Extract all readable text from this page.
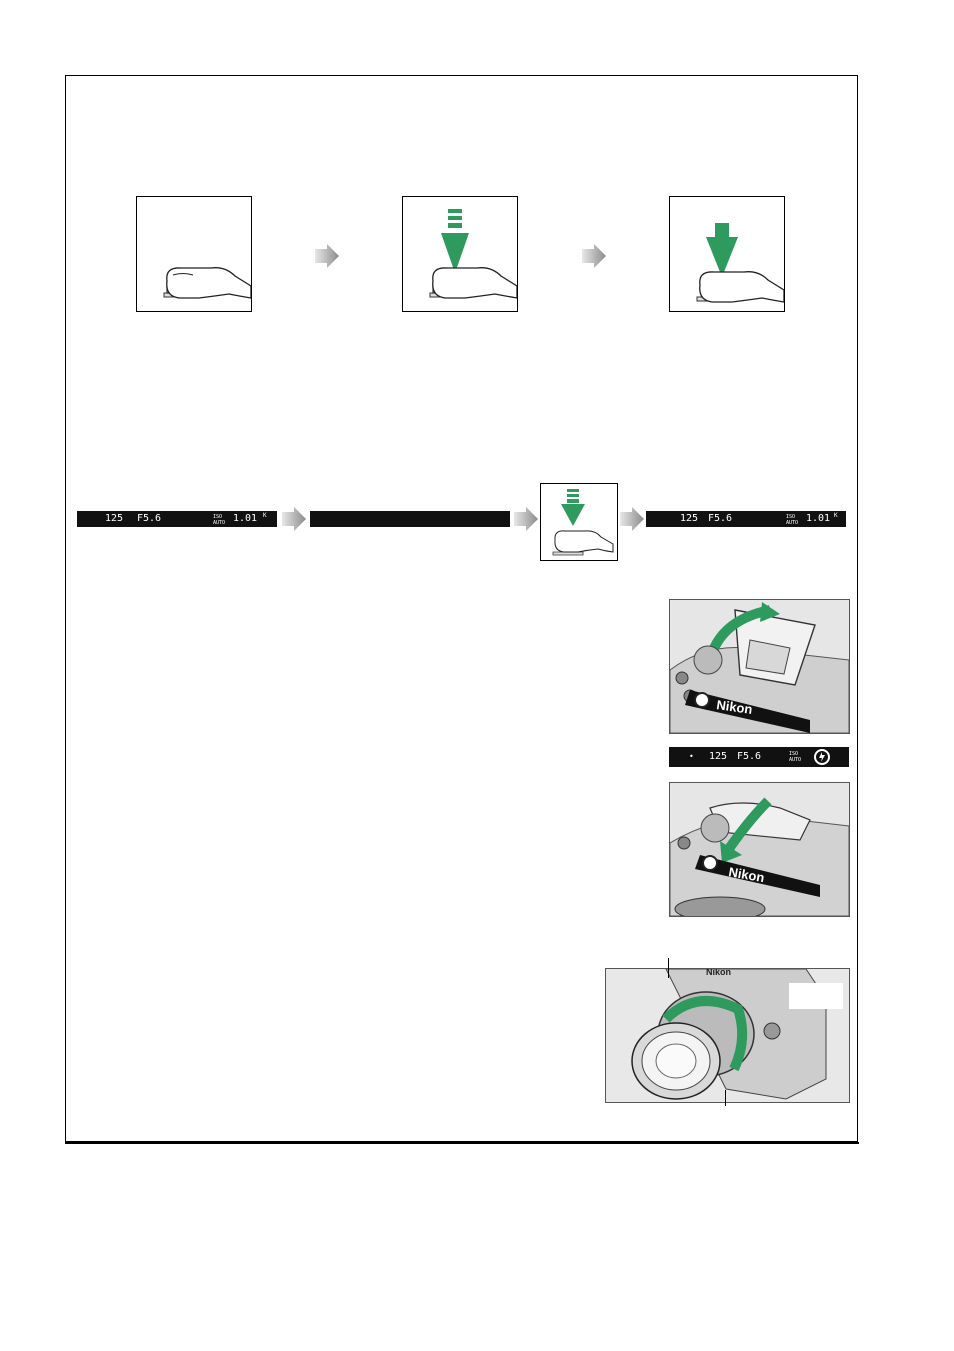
125 F5.6	ISO AUTO 1.01 K	125 F5.6	ISO AUTO 1.01 K
Nikon
• 125 F5.6	ISO AUTO
Nikon
Nikon
